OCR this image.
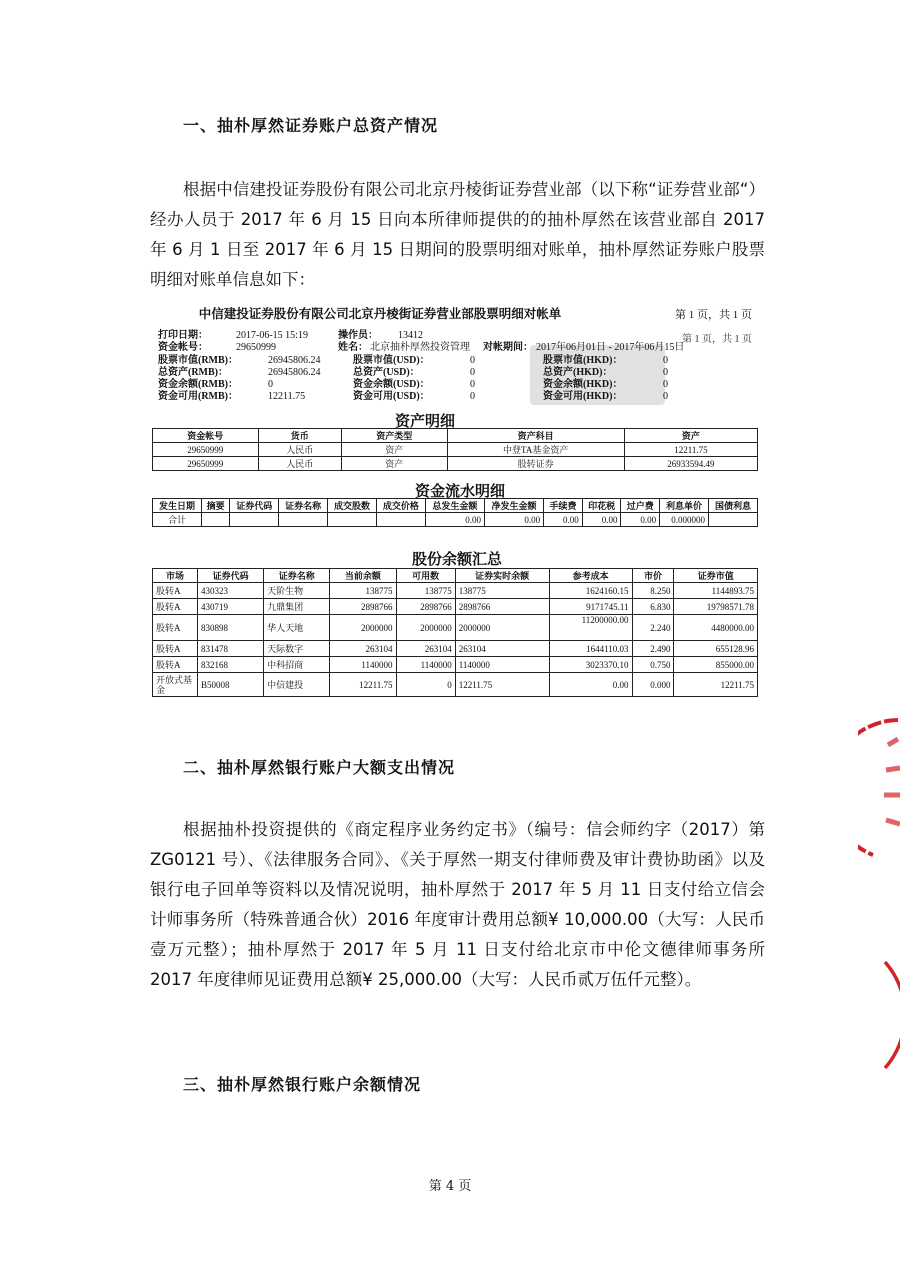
一、抽朴厚然证券账户总资产情况

根据中信建投证券股份有限公司北京丹棱街证券营业部（以下称“证券营业部“）经办人员于 2017 年 6 月 15 日向本所律师提供的的抽朴厚然在该营业部自 2017 年 6 月 1 日至 2017 年 6 月 15 日期间的股票明细对账单，抽朴厚然证券账户股票明细对账单信息如下：

中信建投证券股份有限公司北京丹棱街证券营业部股票明细对帐单	第 1 页，共 1 页
第 1 页，共 1 页
打印日期：	2017-06-15 15:19	操作员： 13412
资金帐号：	29650999	姓名： 北京抽朴厚然投资管理 对帐期间： 2017年06月01日 - 2017年06月15日
股票市值(RMB)：	26945806.24	股票市值(USD)：	0	股票市值(HKD)：	0
总资产(RMB)：	26945806.24	总资产(USD)：	0	总资产(HKD)：	0
资金余额(RMB)：	0	资金余额(USD)：	0	资金余额(HKD)：	0
资金可用(RMB)：	12211.75	资金可用(USD)：	0	资金可用(HKD)：	0
资产明细
资金帐号	货币	资产类型	资产科目	资产
29650999	人民币	资产	中登TA基金资产	12211.75
29650999	人民币	资产	股转证券	26933594.49
资金流水明细
发生日期	摘要	证券代码	证券名称	成交股数	成交价格	总发生金额	净发生金额	手续费	印花税	过户费	利息单价	国债利息
合计						0.00	0.00	0.00	0.00	0.00	0.000000	
股份余额汇总
市场	证券代码	证券名称	当前余额	可用数	证券实时余额	参考成本	市价	证券市值
股转A	430323	天阶生物	138775	138775	138775	1624160.15	8.250	1144893.75
股转A	430719	九鼎集团	2898766	2898766	2898766	9171745.11	6.830	19798571.78
股转A	830898	华人天地	2000000	2000000	2000000	11200000.00	2.240	4480000.00
股转A	831478	天际数字	263104	263104	263104	1644110.03	2.490	655128.96
股转A	832168	中科招商	1140000	1140000	1140000	3023370.10	0.750	855000.00
开放式基金	B50008	中信建投	12211.75	0	12211.75	0.00	0.000	12211.75
二、抽朴厚然银行账户大额支出情况

根据抽朴投资提供的《商定程序业务约定书》（编号：信会师约字（2017）第 ZG0121 号）、《法律服务合同》、《关于厚然一期支付律师费及审计费协助函》以及银行电子回单等资料以及情况说明，抽朴厚然于 2017 年 5 月 11 日支付给立信会计师事务所（特殊普通合伙）2016 年度审计费用总额¥ 10,000.00（大写：人民币壹万元整）；抽朴厚然于 2017 年 5 月 11 日支付给北京市中伦文德律师事务所 2017 年度律师见证费用总额¥ 25,000.00（大写：人民币贰万伍仟元整）。

三、抽朴厚然银行账户余额情况
第 4 页
